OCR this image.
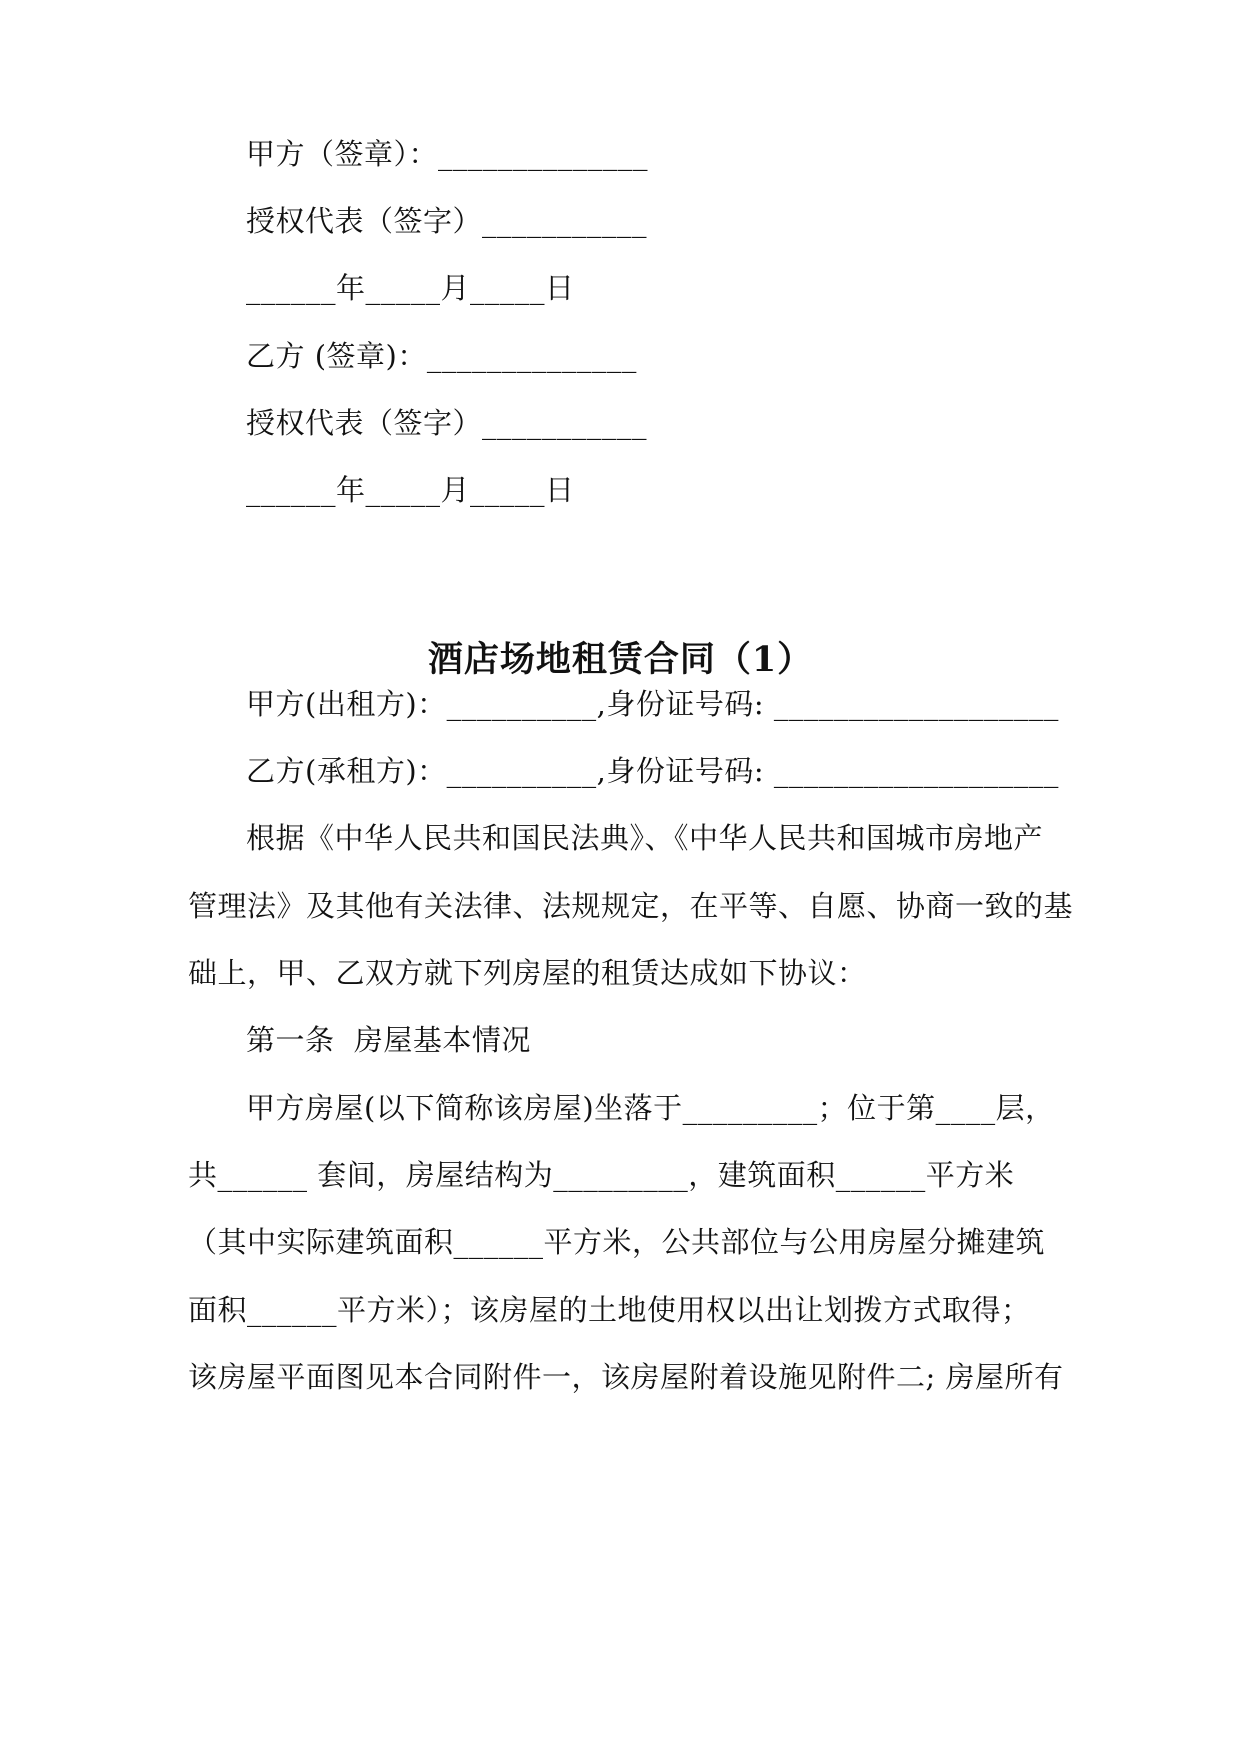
甲方（签章）：______________

授权代表（签字）___________

______年_____月_____日

乙方 (签章)：______________

授权代表（签字）___________

______年_____月_____日

酒店场地租赁合同（1）

甲方(出租方)：__________,身份证号码: ___________________

乙方(承租方)：__________,身份证号码: ___________________

根据《中华人民共和国民法典》、《中华人民共和国城市房地产

管理法》及其他有关法律、法规规定，在平等、自愿、协商一致的基

础上，甲、乙双方就下列房屋的租赁达成如下协议：

第一条  房屋基本情况

甲方房屋(以下简称该房屋)坐落于_________；位于第____层，

共______ 套间，房屋结构为_________，建筑面积______平方米

（其中实际建筑面积______平方米，公共部位与公用房屋分摊建筑

面积______平方米）；该房屋的土地使用权以出让划拨方式取得；

该房屋平面图见本合同附件一，该房屋附着设施见附件二; 房屋所有
